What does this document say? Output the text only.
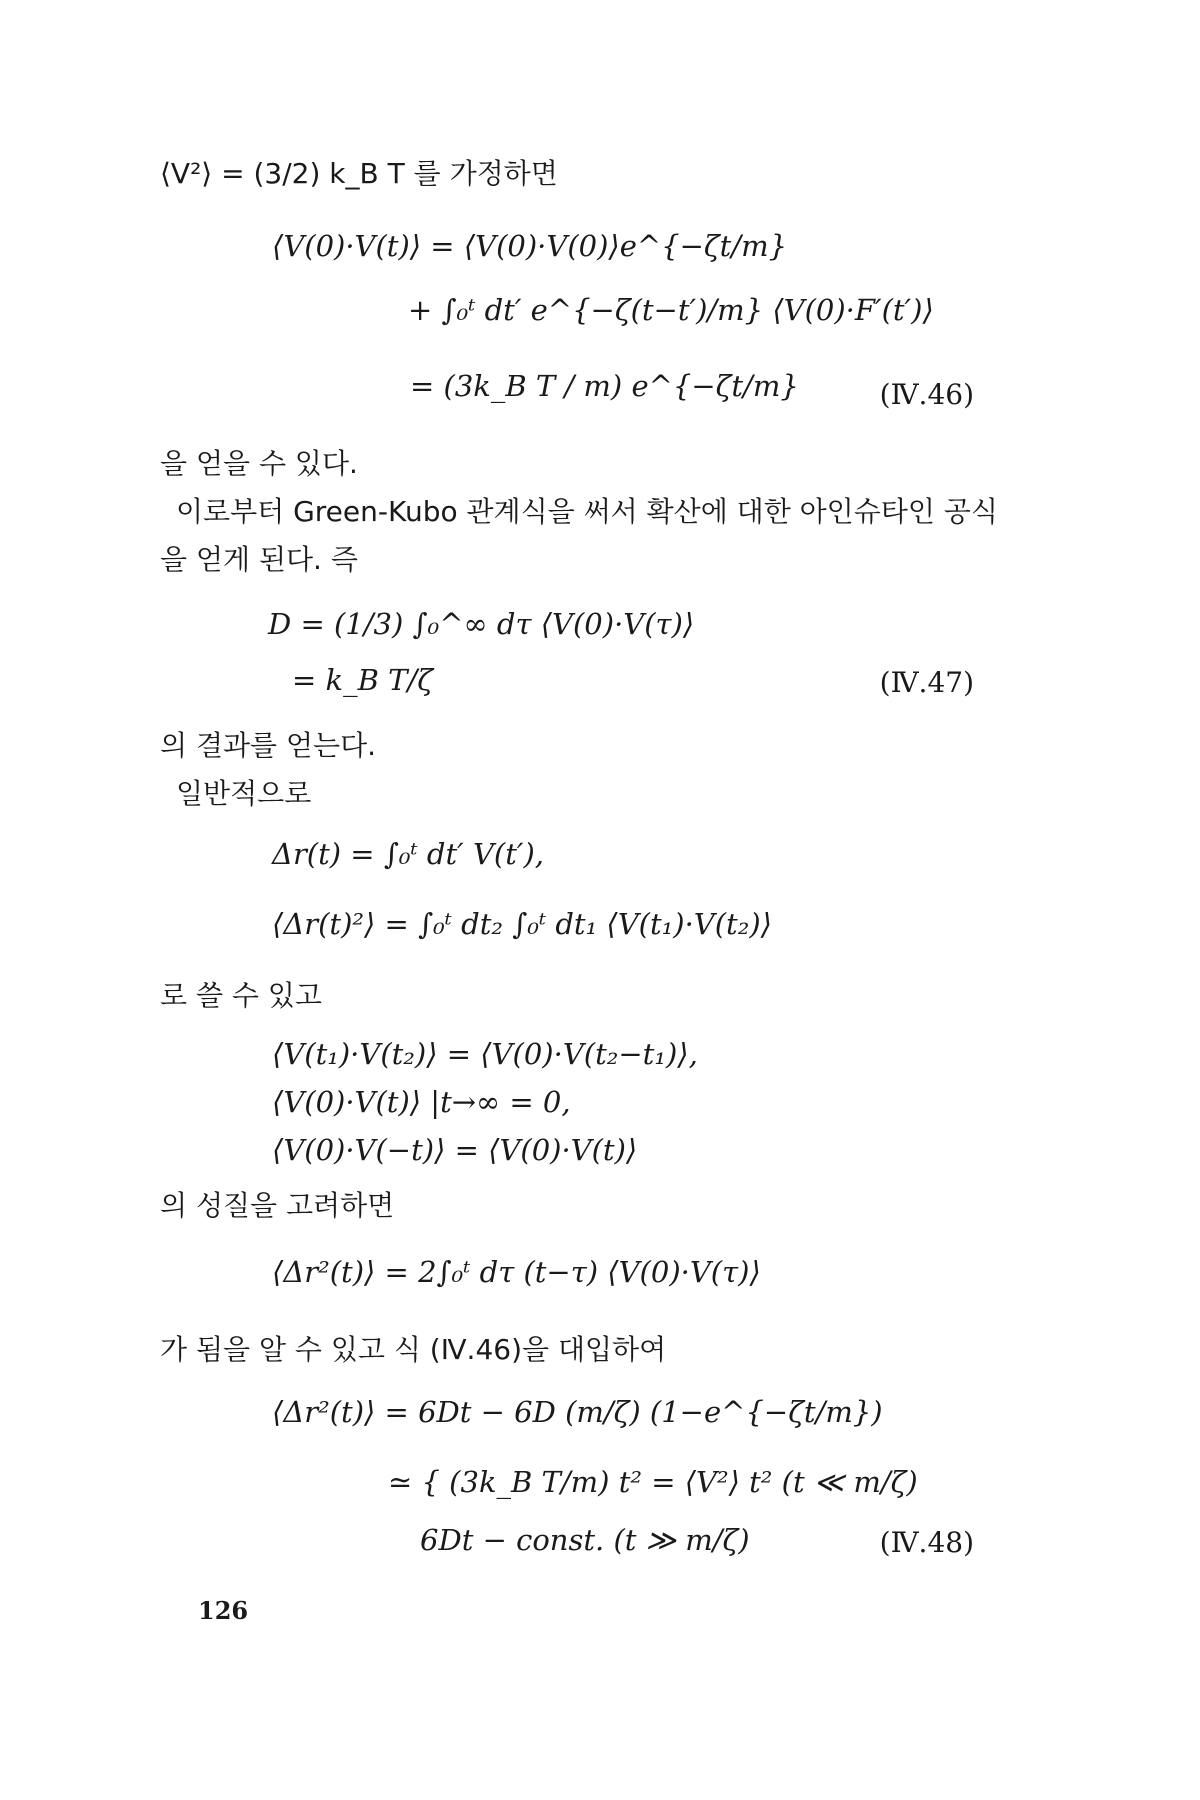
⟨V²⟩ = (3/2) k_B T 를 가정하면
⟨V(0)·V(t)⟩ = ⟨V(0)·V(0)⟩e^{−ζt/m}
+ ∫₀ᵗ dt′ e^{−ζ(t−t′)/m} ⟨V(0)·F′(t′)⟩
= (3k_B T / m) e^{−ζt/m}	(Ⅳ.46)
을 얻을 수 있다.
이로부터 Green-Kubo 관계식을 써서 확산에 대한 아인슈타인 공식
을 얻게 된다. 즉
D = (1/3) ∫₀^∞ dτ ⟨V(0)·V(τ)⟩
= k_B T/ζ	(Ⅳ.47)
의 결과를 얻는다.
일반적으로
Δr(t) = ∫₀ᵗ dt′ V(t′),
⟨Δr(t)²⟩ = ∫₀ᵗ dt₂ ∫₀ᵗ dt₁ ⟨V(t₁)·V(t₂)⟩
로 쓸 수 있고
⟨V(t₁)·V(t₂)⟩ = ⟨V(0)·V(t₂−t₁)⟩,
⟨V(0)·V(t)⟩ |t→∞ = 0,
⟨V(0)·V(−t)⟩ = ⟨V(0)·V(t)⟩
의 성질을 고려하면
⟨Δr²(t)⟩ = 2∫₀ᵗ dτ (t−τ) ⟨V(0)·V(τ)⟩
가 됨을 알 수 있고 식 (Ⅳ.46)을 대입하여
⟨Δr²(t)⟩ = 6Dt − 6D (m/ζ) (1−e^{−ζt/m})
≃ { (3k_B T/m) t² = ⟨V²⟩ t² (t ≪ m/ζ)
6Dt − const. (t ≫ m/ζ)	(Ⅳ.48)
126
